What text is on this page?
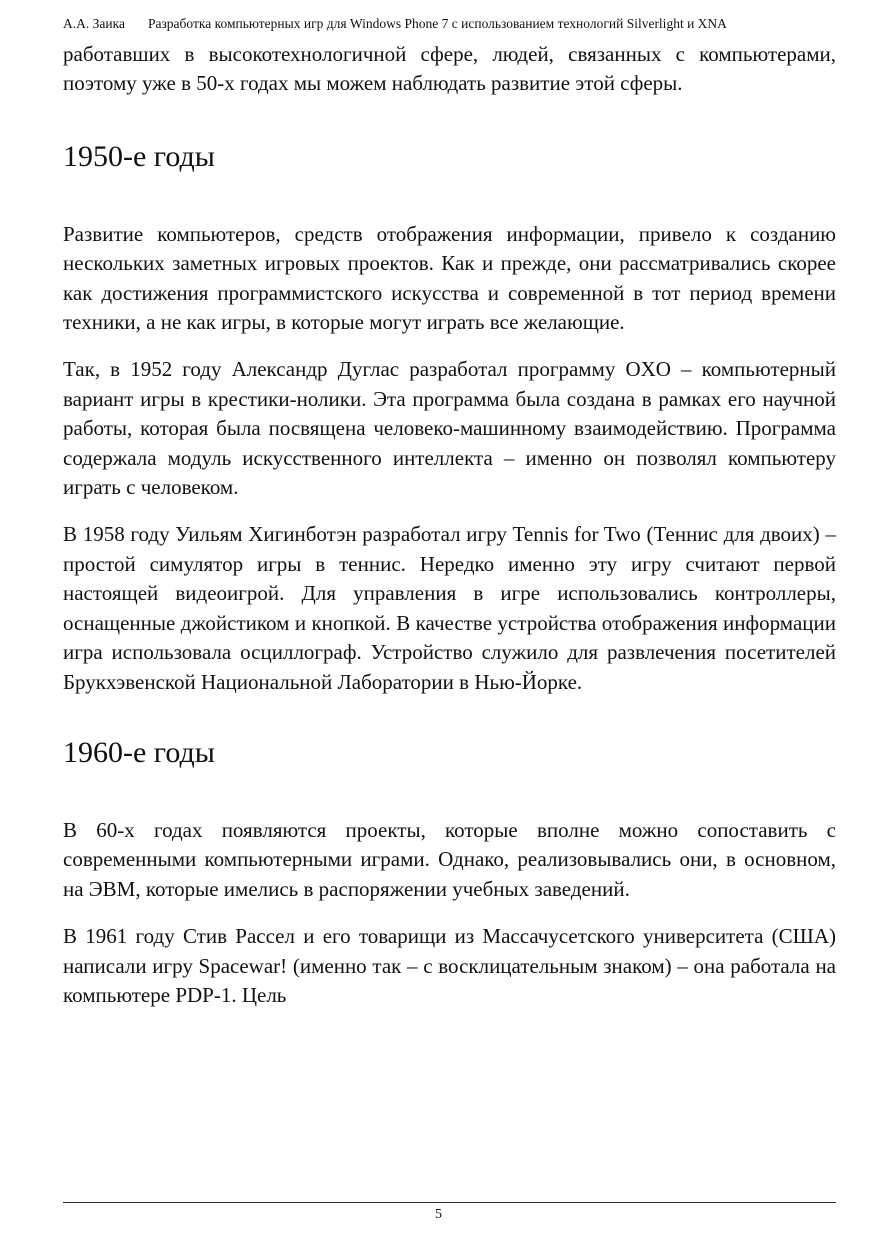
А.А. Заика Разработка компьютерных игр для Windows Phone 7 с использованием технологий Silverlight и XNA

работавших в высокотехнологичной сфере, людей, связанных с компьютерами, поэтому уже в 50-х годах мы можем наблюдать развитие этой сферы.

1950-е годы

Развитие компьютеров, средств отображения информации, привело к созданию нескольких заметных игровых проектов. Как и прежде, они рассматривались скорее как достижения программистского искусства и современной в тот период времени техники, а не как игры, в которые могут играть все желающие.

Так, в 1952 году Александр Дуглас разработал программу OXO – компьютерный вариант игры в крестики-нолики. Эта программа была создана в рамках его научной работы, которая была посвящена человеко-машинному взаимодействию. Программа содержала модуль искусственного интеллекта – именно он позволял компьютеру играть с человеком.

В 1958 году Уильям Хигинботэн разработал игру Tennis for Two (Теннис для двоих) – простой симулятор игры в теннис. Нередко именно эту игру считают первой настоящей видеоигрой. Для управления в игре использовались контроллеры, оснащенные джойстиком и кнопкой. В качестве устройства отображения информации игра использовала осциллограф. Устройство служило для развлечения посетителей Брукхэвенской Национальной Лаборатории в Нью-Йорке.

1960-е годы

В 60-х годах появляются проекты, которые вполне можно сопоставить с современными компьютерными играми. Однако, реализовывались они, в основном, на ЭВМ, которые имелись в распоряжении учебных заведений.

В 1961 году Стив Рассел и его товарищи из Массачусетского университета (США) написали игру Spacewar! (именно так – с восклицательным знаком) – она работала на компьютере PDP-1. Цель

5
